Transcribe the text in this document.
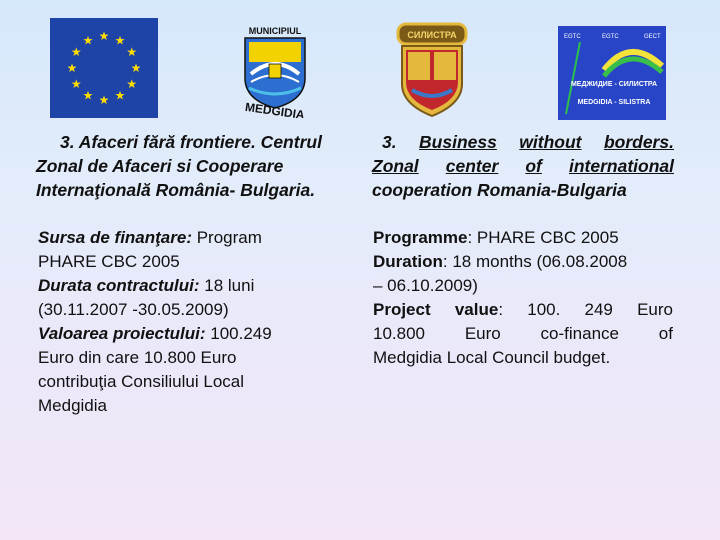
★ ★
★
★
★
★
★
★
★
★
★
★
MUNICIPIUL
MEDGIDIA
СИЛИСТРА	EGTC	EGTC	GECT
МЕДЖИДИЕ - СИЛИСТРА
MEDGIDIA - SILISTRA
3. Afaceri fără frontiere. Centrul
Zonal de Afaceri si Cooperare
Internaţională România- Bulgaria.
3. Business without borders.
Zonal center of international
cooperation Romania-Bulgaria
Sursa de finanţare: Program
PHARE CBC 2005
Durata contractului: 18 luni
(30.11.2007 -30.05.2009)
Valoarea proiectului: 100.249
Euro din care 10.800 Euro
contribuţia Consiliului Local
Medgidia
Programme: PHARE CBC 2005
Duration: 18 months (06.08.2008
– 06.10.2009)
Project value: 100. 249 Euro
10.800 Euro co-finance of
Medgidia Local Council budget.
